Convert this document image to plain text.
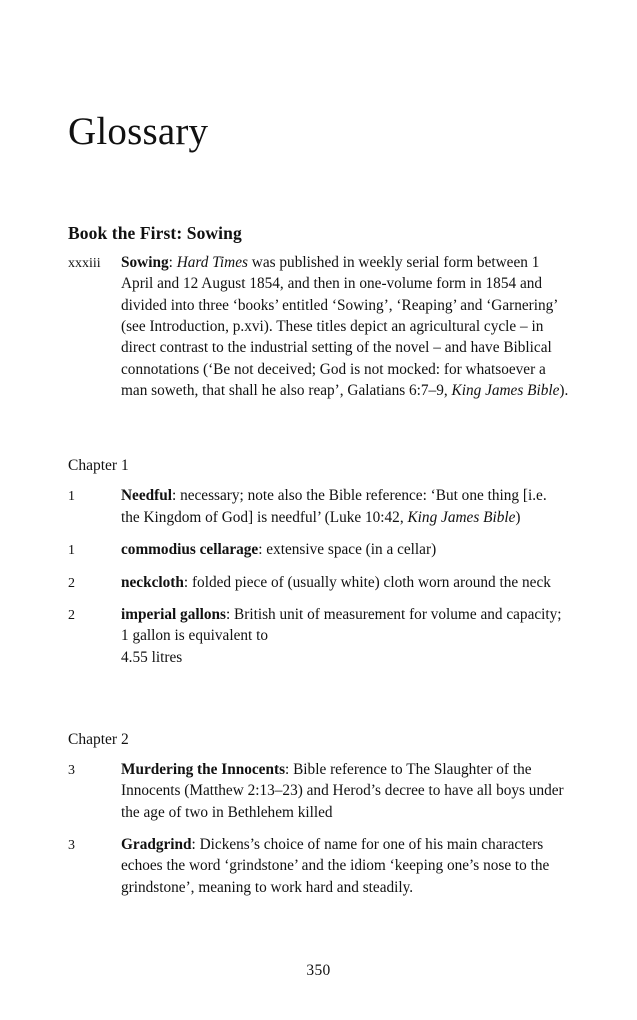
Glossary
Book the First: Sowing
xxxiii	Sowing: Hard Times was published in weekly serial form between 1 April and 12 August 1854, and then in one-volume form in 1854 and divided into three ‘books’ entitled ‘Sowing’, ‘Reaping’ and ‘Garnering’ (see Introduction, p.xvi). These titles depict an agricultural cycle – in direct contrast to the industrial setting of the novel – and have Biblical connotations (‘Be not deceived; God is not mocked: for whatsoever a man soweth, that shall he also reap’, Galatians 6:7–9, King James Bible).
Chapter 1
1	Needful: necessary; note also the Bible reference: ‘But one thing [i.e. the Kingdom of God] is needful’ (Luke 10:42, King James Bible)
1	commodius cellarage: extensive space (in a cellar)
2	neckcloth: folded piece of (usually white) cloth worn around the neck
2	imperial gallons: British unit of measurement for volume and capacity; 1 gallon is equivalent to
4.55 litres
Chapter 2
3	Murdering the Innocents: Bible reference to The Slaughter of the Innocents (Matthew 2:13–23) and Herod’s decree to have all boys under the age of two in Bethlehem killed
3	Gradgrind: Dickens’s choice of name for one of his main characters echoes the word ‘grindstone’ and the idiom ‘keeping one’s nose to the grindstone’, meaning to work hard and steadily.
350
